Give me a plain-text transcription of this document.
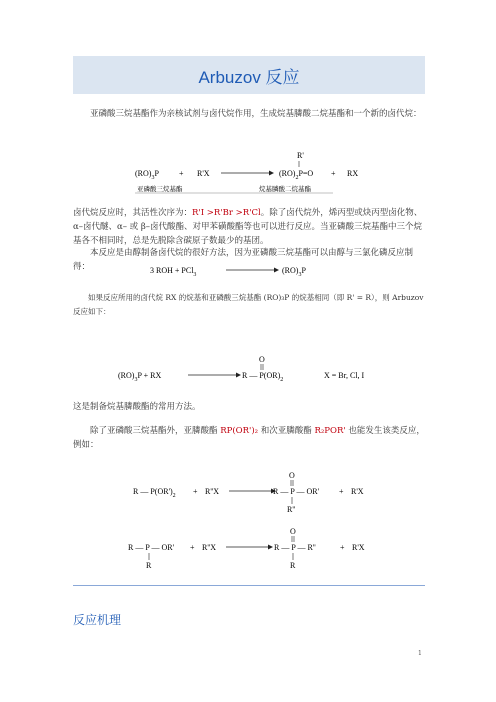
Arbuzov 反应

亚磷酸三烷基酯作为亲核试剂与卤代烷作用，生成烷基膦酸二烷基酯和一个新的卤代烷：

$(RO)_3P$	+ R'X
R'
$(RO)_2P=O$ + RX
亚磷酸三烷基酯	烷基膦酸二烷基酯

卤代烷反应时，其活性次序为：R'I >R'Br >R'Cl。除了卤代烷外，烯丙型或炔丙型卤化物、α–卤代醚、α– 或 β–卤代酸酯、对甲苯磺酸酯等也可以进行反应。当亚磷酸三烷基酯中三个烷基各不相同时，总是先脱除含碳原子数最少的基团。

本反应是由醇制备卤代烷的很好方法，因为亚磷酸三烷基酯可以由醇与三氯化磷反应制得：	3 ROH + PCl$_3$	$(RO)_3P$

如果反应所用的卤代烷 RX 的烷基和亚磷酸三烷基酯 (RO)₃P 的烷基相同（即 R' = R），则 Arbuzov 反应如下：

$(RO)_3P$ + RX
O
R — $P(OR)_2$	X = Br, Cl, I

这是制备烷基膦酸酯的常用方法。

除了亚磷酸三烷基酯外，亚膦酸酯 RP(OR')₂ 和次亚膦酸酯 R₂POR' 也能发生该类反应，例如：

R — $P(OR')_2 + R''X$
O
R — P — OR'
R''
+ R'X
R — P — OR'
R
+ R''X
O
R — P — R''
R
+ R'X
反应机理
1
